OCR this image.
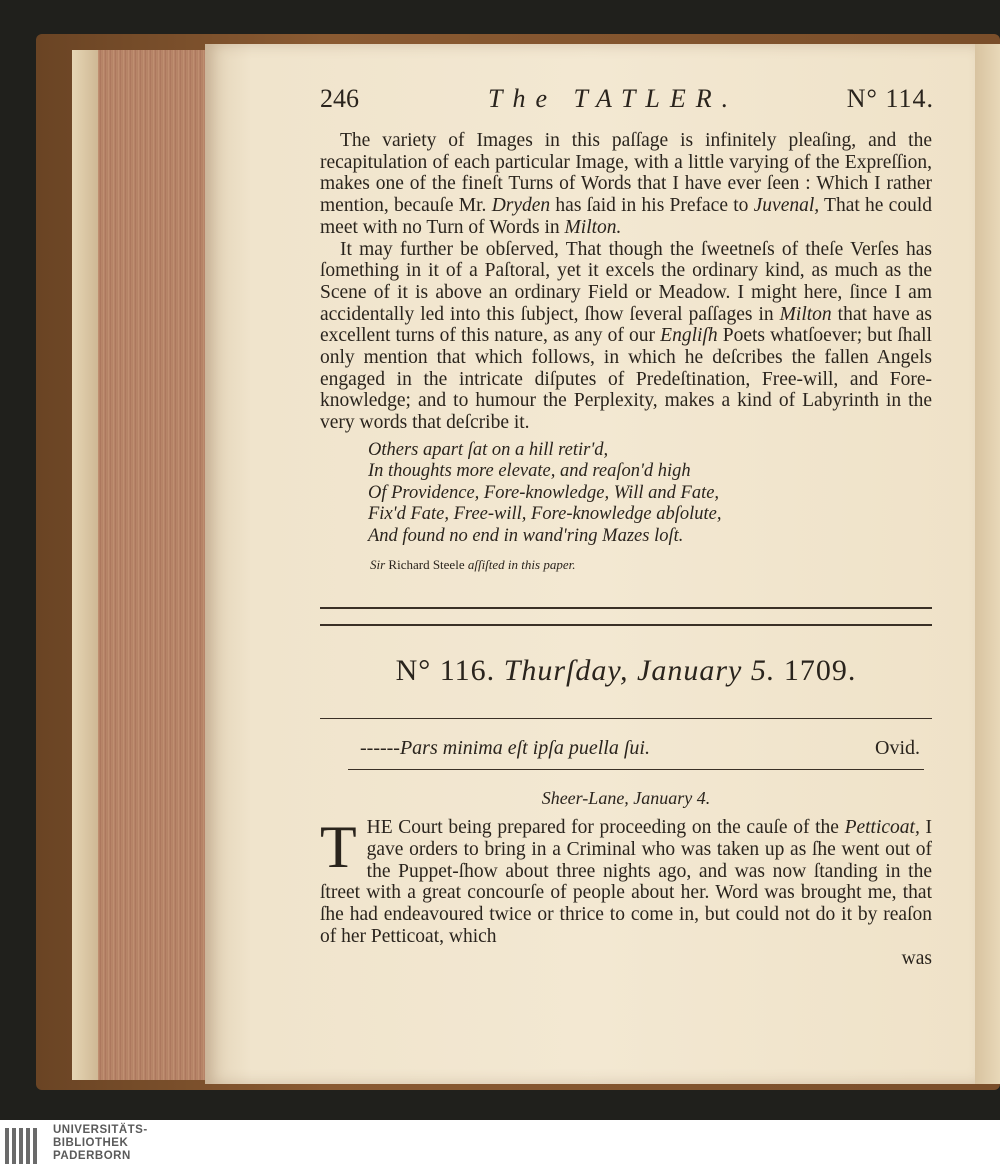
246	The TATLER.	N° 114.

The variety of Images in this paſſage is infinitely pleaſing, and the recapitulation of each particular Image, with a little varying of the Expreſſion, makes one of the fineſt Turns of Words that I have ever ſeen : Which I rather mention, becauſe Mr. Dryden has ſaid in his Preface to Juvenal, That he could meet with no Turn of Words in Milton.

It may further be obſerved, That though the ſweetneſs of theſe Verſes has ſomething in it of a Paſtoral, yet it excels the ordinary kind, as much as the Scene of it is above an ordinary Field or Meadow. I might here, ſince I am accidentally led into this ſubject, ſhow ſeveral paſſages in Milton that have as excellent turns of this nature, as any of our Engliſh Poets whatſoever; but ſhall only mention that which follows, in which he deſcribes the fallen Angels engaged in the intricate diſputes of Predeſtination, Free-will, and Fore-knowledge; and to humour the Perplexity, makes a kind of Labyrinth in the very words that deſcribe it.

Others apart ſat on a hill retir'd,
In thoughts more elevate, and reaſon'd high
Of Providence, Fore-knowledge, Will and Fate,
Fix'd Fate, Free-will, Fore-knowledge abſolute,
And found no end in wand'ring Mazes loſt.
Sir Richard Steele aſſiſted in this paper.
N° 116. Thurſday, January 5. 1709.
------Pars minima eſt ipſa puella ſui.	Ovid.
Sheer-Lane, January 4.
THE Court being prepared for proceeding on the cauſe of the Petticoat, I gave orders to bring in a Criminal who was taken up as ſhe went out of the Puppet-ſhow about three nights ago, and was now ſtanding in the ſtreet with a great concourſe of people about her. Word was brought me, that ſhe had endeavoured twice or thrice to come in, but could not do it by reaſon of her Petticoat, which
was
UNIVERSITÄTS-
BIBLIOTHEK
PADERBORN
